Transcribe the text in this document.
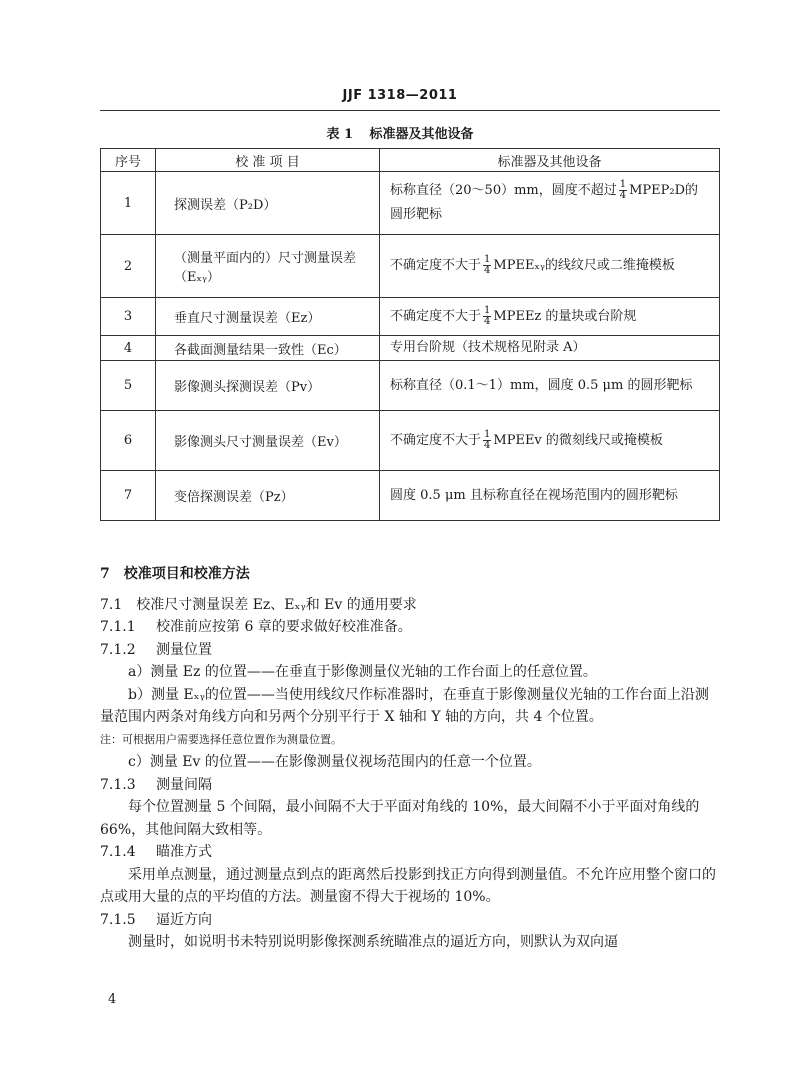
JJF 1318—2011
表 1 标准器及其他设备
序号	校 准 项 目	标准器及其他设备
1	探测误差（P₂D）	标称直径（20～50）mm，圆度不超过 $\frac{1}{4}$ MPEP₂D的圆形靶标
2	（测量平面内的）尺寸测量误差（Eₓᵧ）	不确定度不大于 $\frac{1}{4}$ MPEEₓᵧ的线纹尺或二维掩模板
3	垂直尺寸测量误差（Ez）	不确定度不大于 $\frac{1}{4}$ MPEEz 的量块或台阶规
4	各截面测量结果一致性（Ec）	专用台阶规（技术规格见附录 A）
5	影像测头探测误差（Pv）	标称直径（0.1～1）mm，圆度 0.5 μm 的圆形靶标
6	影像测头尺寸测量误差（Ev）	不确定度不大于 $\frac{1}{4}$ MPEEv 的微刻线尺或掩模板
7	变倍探测误差（Pz）	圆度 0.5 μm 且标称直径在视场范围内的圆形靶标

7　校准项目和校准方法

7.1　校准尺寸测量误差 Ez、Eₓᵧ和 Ev 的通用要求

7.1.1 校准前应按第 6 章的要求做好校准准备。

7.1.2 测量位置

a）测量 Ez 的位置——在垂直于影像测量仪光轴的工作台面上的任意位置。

b）测量 Eₓᵧ的位置——当使用线纹尺作标准器时，在垂直于影像测量仪光轴的工作台面上沿测量范围内两条对角线方向和另两个分别平行于 X 轴和 Y 轴的方向，共 4 个位置。

注：可根据用户需要选择任意位置作为测量位置。

c）测量 Ev 的位置——在影像测量仪视场范围内的任意一个位置。

7.1.3 测量间隔

每个位置测量 5 个间隔，最小间隔不大于平面对角线的 10%，最大间隔不小于平面对角线的 66%，其他间隔大致相等。

7.1.4 瞄准方式

采用单点测量，通过测量点到点的距离然后投影到找正方向得到测量值。不允许应用整个窗口的点或用大量的点的平均值的方法。测量窗不得大于视场的 10%。

7.1.5 逼近方向

测量时，如说明书未特别说明影像探测系统瞄准点的逼近方向，则默认为双向逼

4
